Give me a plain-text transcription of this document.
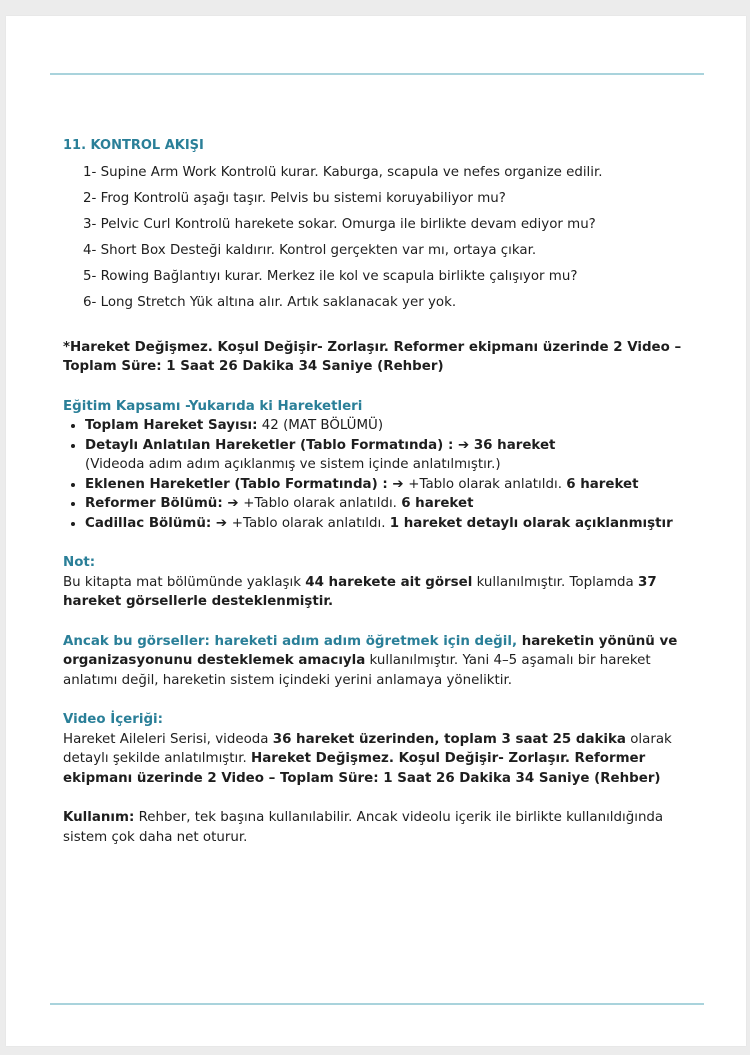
11. KONTROL AKIŞI
1- Supine Arm Work Kontrolü kurar. Kaburga, scapula ve nefes organize edilir.
2- Frog Kontrolü aşağı taşır. Pelvis bu sistemi koruyabiliyor mu?
3- Pelvic Curl Kontrolü harekete sokar. Omurga ile birlikte devam ediyor mu?
4- Short Box Desteği kaldırır. Kontrol gerçekten var mı, ortaya çıkar.
5- Rowing Bağlantıyı kurar. Merkez ile kol ve scapula birlikte çalışıyor mu?
6- Long Stretch Yük altına alır. Artık saklanacak yer yok.

*Hareket Değişmez. Koşul Değişir- Zorlaşır. Reformer ekipmanı üzerinde 2 Video – Toplam Süre: 1 Saat 26 Dakika 34 Saniye (Rehber)

Eğitim Kapsamı -Yukarıda ki Hareketleri
• Toplam Hareket Sayısı: 42 (MAT BÖLÜMÜ)
• Detaylı Anlatılan Hareketler (Tablo Formatında) : ➔ 36 hareket
(Videoda adım adım açıklanmış ve sistem içinde anlatılmıştır.)
• Eklenen Hareketler (Tablo Formatında) : ➔ +Tablo olarak anlatıldı. 6 hareket
• Reformer Bölümü: ➔ +Tablo olarak anlatıldı. 6 hareket
• Cadillac Bölümü: ➔ +Tablo olarak anlatıldı. 1 hareket detaylı olarak açıklanmıştır
Not:

Bu kitapta mat bölümünde yaklaşık 44 harekete ait görsel kullanılmıştır. Toplamda 37 hareket görsellerle desteklenmiştir.

Ancak bu görseller: hareketi adım adım öğretmek için değil, hareketin yönünü ve organizasyonunu desteklemek amacıyla kullanılmıştır. Yani 4–5 aşamalı bir hareket anlatımı değil, hareketin sistem içindeki yerini anlamaya yöneliktir.

Video İçeriği:

Hareket Aileleri Serisi, videoda 36 hareket üzerinden, toplam 3 saat 25 dakika olarak detaylı şekilde anlatılmıştır. Hareket Değişmez. Koşul Değişir- Zorlaşır. Reformer ekipmanı üzerinde 2 Video – Toplam Süre: 1 Saat 26 Dakika 34 Saniye (Rehber)

Kullanım: Rehber, tek başına kullanılabilir. Ancak videolu içerik ile birlikte kullanıldığında sistem çok daha net oturur.
